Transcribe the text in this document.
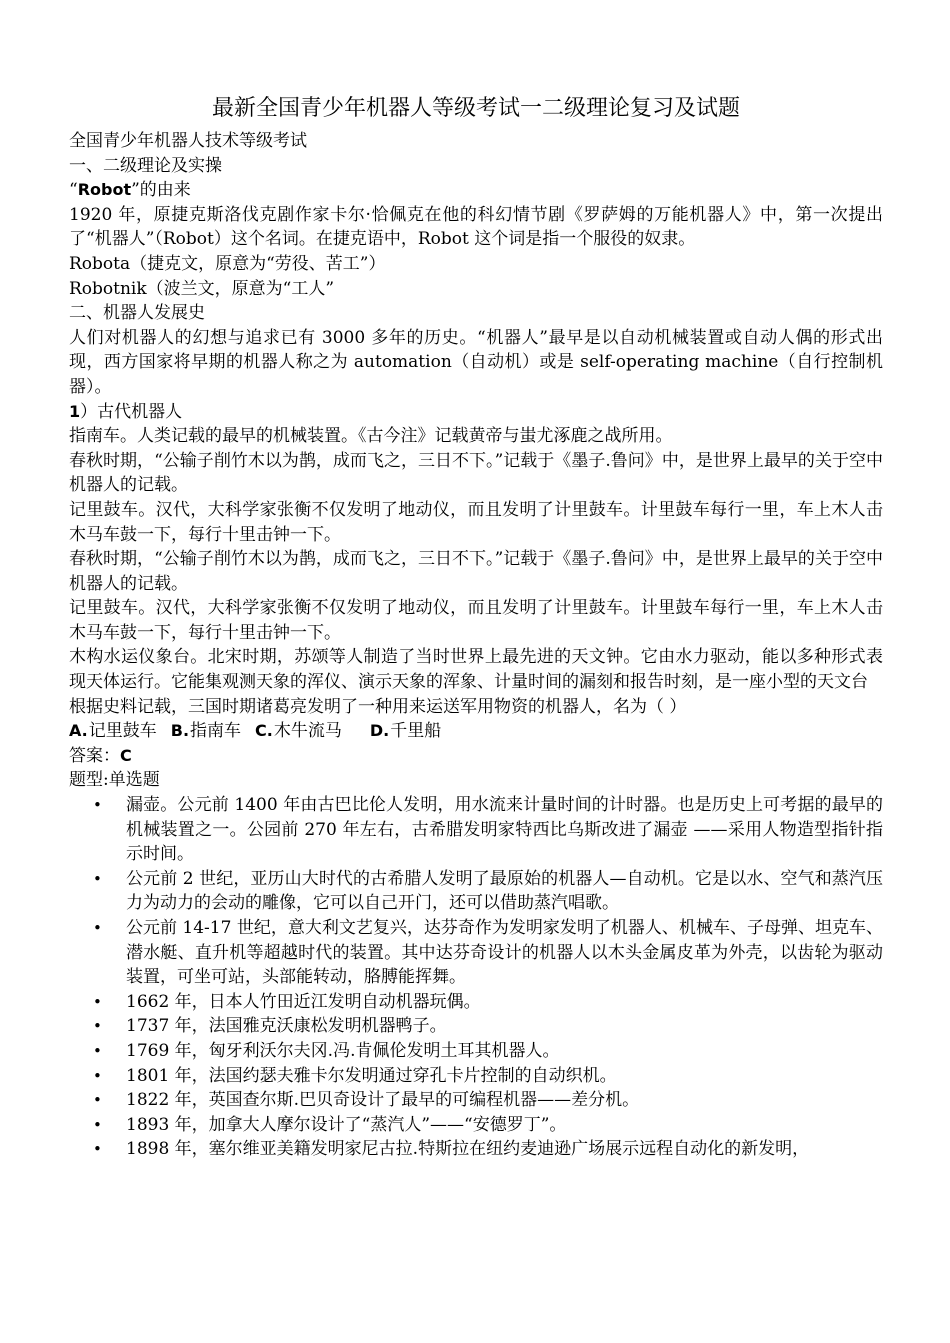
最新全国青少年机器人等级考试一二级理论复习及试题

全国青少年机器人技术等级考试

一、二级理论及实操

“Robot”的由来

1920 年，原捷克斯洛伐克剧作家卡尔·恰佩克在他的科幻情节剧《罗萨姆的万能机器人》中，第一次提出了“机器人”（Robot）这个名词。在捷克语中，Robot 这个词是指一个服役的奴隶。

Robota（捷克文，原意为“劳役、苦工”）

Robotnik（波兰文，原意为“工人”

二、机器人发展史

人们对机器人的幻想与追求已有 3000 多年的历史。“机器人”最早是以自动机械装置或自动人偶的形式出现，西方国家将早期的机器人称之为 automation（自动机）或是 self-operating machine（自行控制机器）。

1）古代机器人

指南车。人类记载的最早的机械装置。《古今注》记载黄帝与蚩尤涿鹿之战所用。

春秋时期，“公输子削竹木以为鹊，成而飞之，三日不下。”记载于《墨子.鲁问》中，是世界上最早的关于空中机器人的记载。

记里鼓车。汉代，大科学家张衡不仅发明了地动仪，而且发明了计里鼓车。计里鼓车每行一里，车上木人击木马车鼓一下，每行十里击钟一下。

春秋时期，“公输子削竹木以为鹊，成而飞之，三日不下。”记载于《墨子.鲁问》中，是世界上最早的关于空中机器人的记载。

记里鼓车。汉代，大科学家张衡不仅发明了地动仪，而且发明了计里鼓车。计里鼓车每行一里，车上木人击木马车鼓一下，每行十里击钟一下。

木构水运仪象台。北宋时期，苏颂等人制造了当时世界上最先进的天文钟。它由水力驱动，能以多种形式表现天体运行。它能集观测天象的浑仪、演示天象的浑象、计量时间的漏刻和报告时刻，是一座小型的天文台

根据史料记载，三国时期诸葛亮发明了一种用来运送军用物资的机器人，名为（ ）

A.记里鼓车 B.指南车 C.木牛流马 D.千里船

答案：C

题型:单选题

• 漏壶。公元前 1400 年由古巴比伦人发明，用水流来计量时间的计时器。也是历史上可考据的最早的机械装置之一。公园前 270 年左右，古希腊发明家特西比乌斯改进了漏壶 ——采用人物造型指针指示时间。
• 公元前 2 世纪，亚历山大时代的古希腊人发明了最原始的机器人—自动机。它是以水、空气和蒸汽压力为动力的会动的雕像，它可以自己开门，还可以借助蒸汽唱歌。
• 公元前 14-17 世纪，意大利文艺复兴，达芬奇作为发明家发明了机器人、机械车、子母弹、坦克车、潜水艇、直升机等超越时代的装置。其中达芬奇设计的机器人以木头金属皮革为外壳，以齿轮为驱动装置，可坐可站，头部能转动，胳膊能挥舞。
• 1662 年，日本人竹田近江发明自动机器玩偶。
• 1737 年，法国雅克沃康松发明机器鸭子。
• 1769 年，匈牙利沃尔夫冈.冯.肯佩伦发明土耳其机器人。
• 1801 年，法国约瑟夫雅卡尔发明通过穿孔卡片控制的自动织机。
• 1822 年，英国查尔斯.巴贝奇设计了最早的可编程机器——差分机。
• 1893 年，加拿大人摩尔设计了“蒸汽人”——“安德罗丁”。
• 1898 年，塞尔维亚美籍发明家尼古拉.特斯拉在纽约麦迪逊广场展示远程自动化的新发明，
